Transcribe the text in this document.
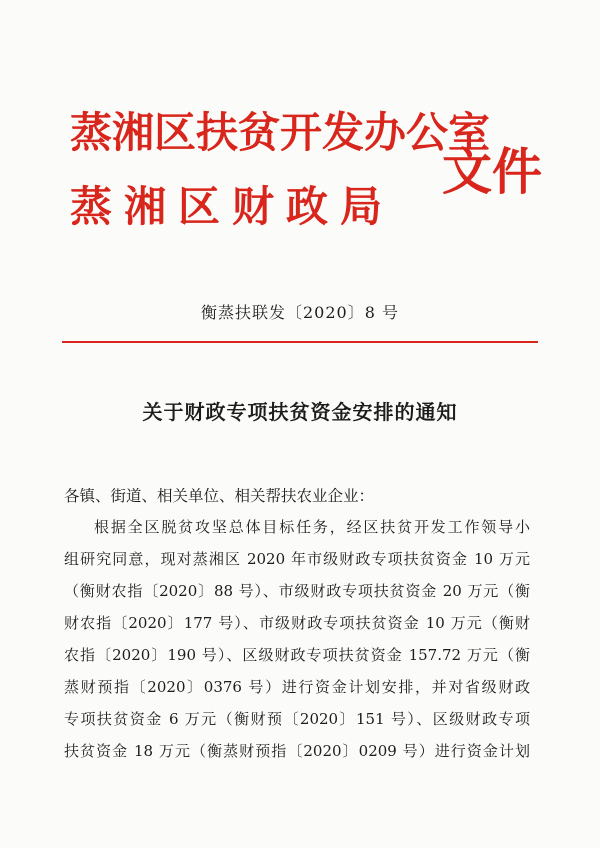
蒸湘区扶贫开发办公室
蒸湘区财政局
文件
衡蒸扶联发〔2020〕8 号
关于财政专项扶贫资金安排的通知
各镇、街道、相关单位、相关帮扶农业企业：
根据全区脱贫攻坚总体目标任务，经区扶贫开发工作领导小
组研究同意，现对蒸湘区 2020 年市级财政专项扶贫资金 10 万元
（衡财农指〔2020〕88 号）、市级财政专项扶贫资金 20 万元（衡
财农指〔2020〕177 号）、市级财政专项扶贫资金 10 万元（衡财
农指〔2020〕190 号）、区级财政专项扶贫资金 157.72 万元（衡
蒸财预指〔2020〕0376 号）进行资金计划安排，并对省级财政
专项扶贫资金 6 万元（衡财预〔2020〕151 号）、区级财政专项
扶贫资金 18 万元（衡蒸财预指〔2020〕0209 号）进行资金计划
